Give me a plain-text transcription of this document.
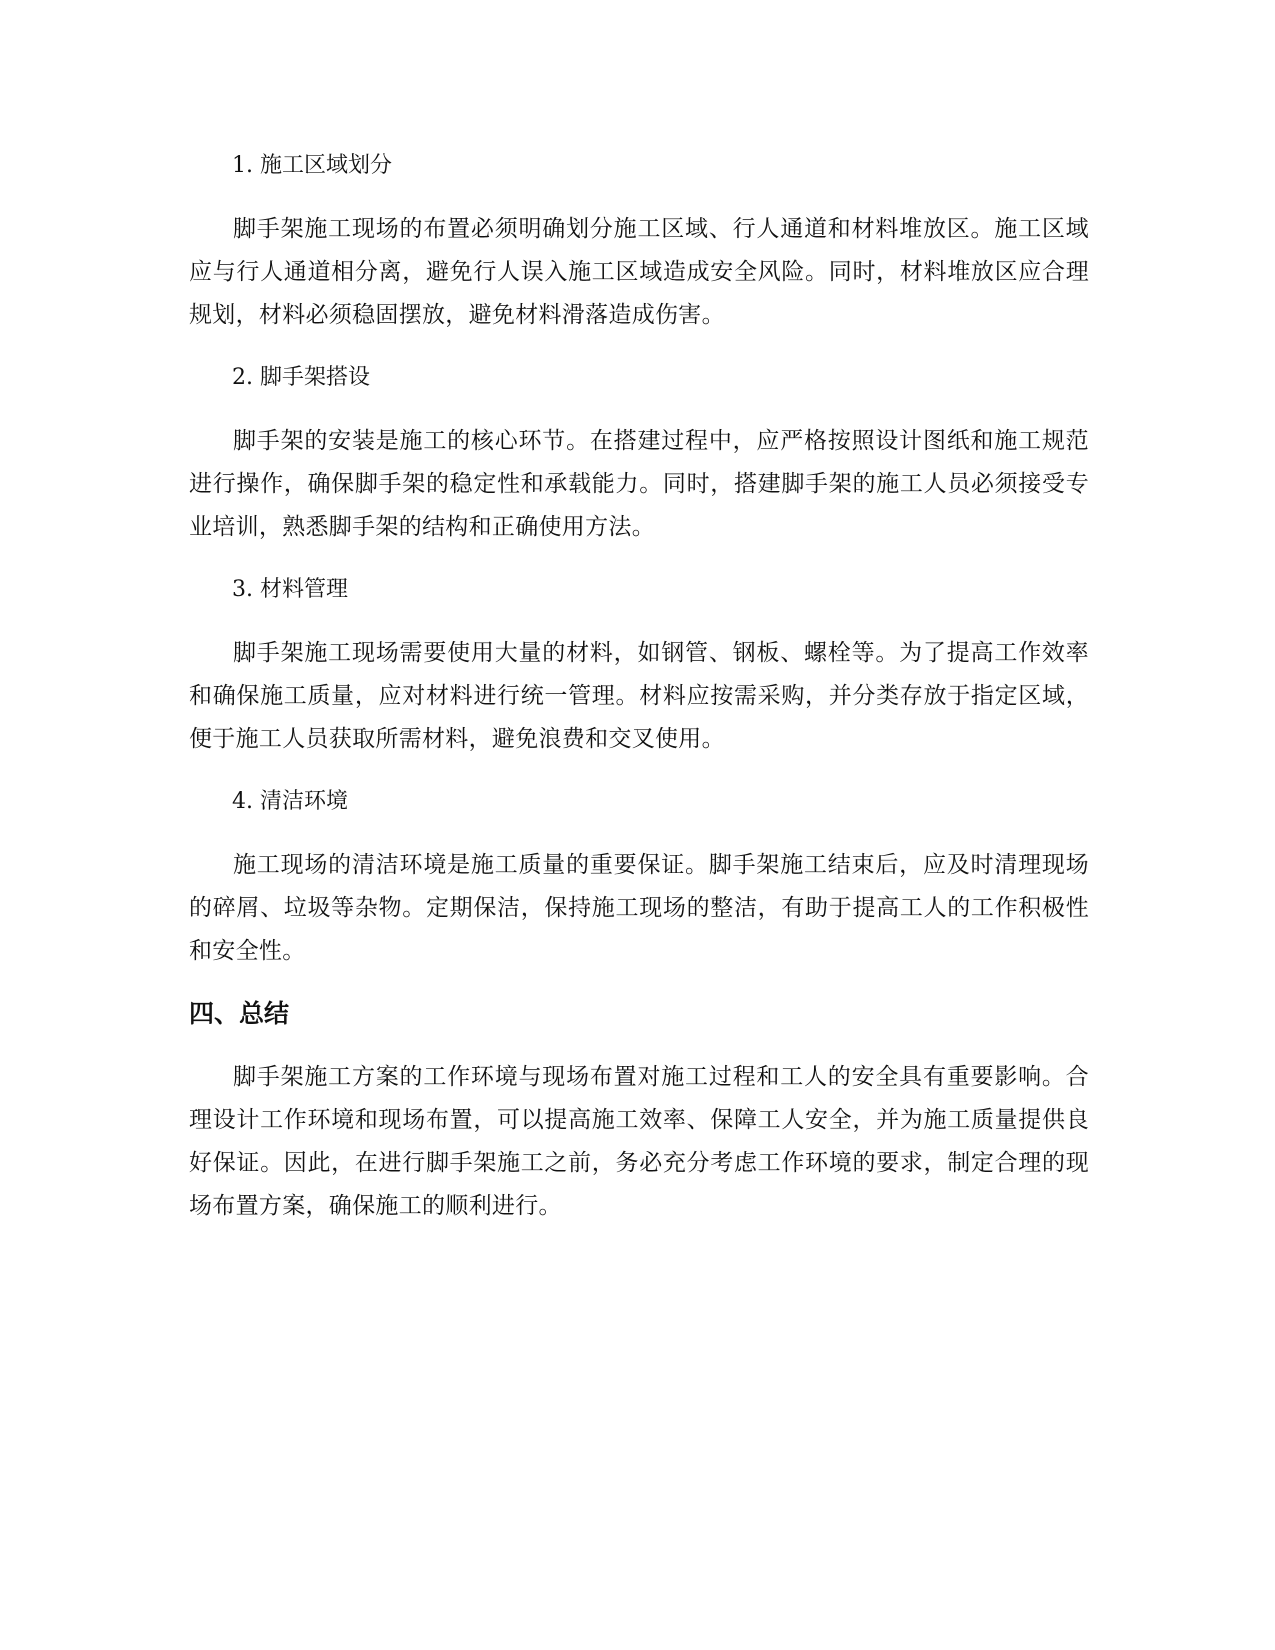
1. 施工区域划分

脚手架施工现场的布置必须明确划分施工区域、行人通道和材料堆放区。施工区域应与行人通道相分离，避免行人误入施工区域造成安全风险。同时，材料堆放区应合理规划，材料必须稳固摆放，避免材料滑落造成伤害。

2. 脚手架搭设

脚手架的安装是施工的核心环节。在搭建过程中，应严格按照设计图纸和施工规范进行操作，确保脚手架的稳定性和承载能力。同时，搭建脚手架的施工人员必须接受专业培训，熟悉脚手架的结构和正确使用方法。

3. 材料管理

脚手架施工现场需要使用大量的材料，如钢管、钢板、螺栓等。为了提高工作效率和确保施工质量，应对材料进行统一管理。材料应按需采购，并分类存放于指定区域，便于施工人员获取所需材料，避免浪费和交叉使用。

4. 清洁环境

施工现场的清洁环境是施工质量的重要保证。脚手架施工结束后，应及时清理现场的碎屑、垃圾等杂物。定期保洁，保持施工现场的整洁，有助于提高工人的工作积极性和安全性。

四、总结

脚手架施工方案的工作环境与现场布置对施工过程和工人的安全具有重要影响。合理设计工作环境和现场布置，可以提高施工效率、保障工人安全，并为施工质量提供良好保证。因此，在进行脚手架施工之前，务必充分考虑工作环境的要求，制定合理的现场布置方案，确保施工的顺利进行。
